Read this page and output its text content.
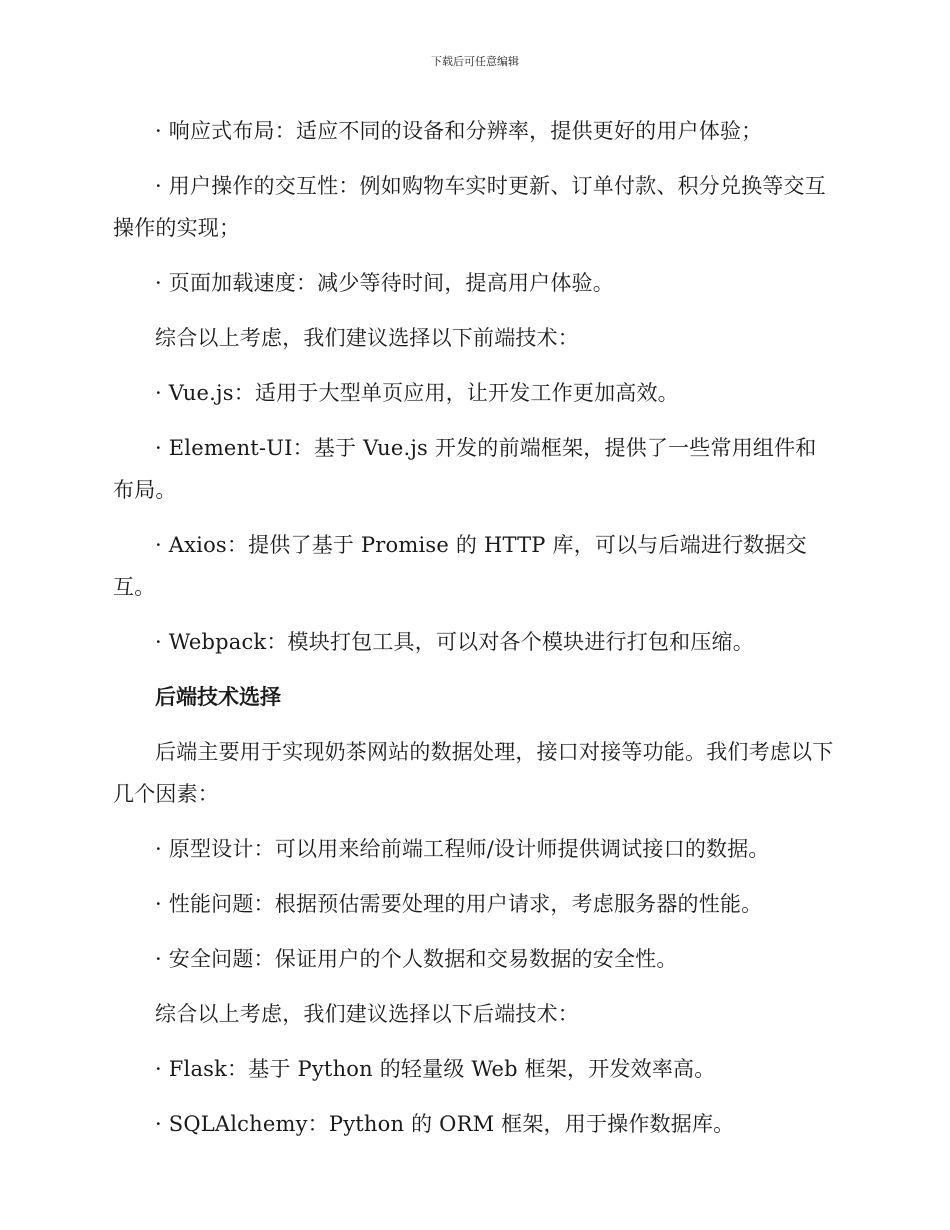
下载后可任意编辑

· 响应式布局：适应不同的设备和分辨率，提供更好的用户体验；

· 用户操作的交互性：例如购物车实时更新、订单付款、积分兑换等交互操作的实现；

· 页面加载速度：减少等待时间，提高用户体验。

综合以上考虑，我们建议选择以下前端技术：

· Vue.js：适用于大型单页应用，让开发工作更加高效。

· Element-UI：基于 Vue.js 开发的前端框架，提供了一些常用组件和布局。

· Axios：提供了基于 Promise 的 HTTP 库，可以与后端进行数据交互。

· Webpack：模块打包工具，可以对各个模块进行打包和压缩。

后端技术选择

后端主要用于实现奶茶网站的数据处理，接口对接等功能。我们考虑以下几个因素：

· 原型设计：可以用来给前端工程师/设计师提供调试接口的数据。

· 性能问题：根据预估需要处理的用户请求，考虑服务器的性能。

· 安全问题：保证用户的个人数据和交易数据的安全性。

综合以上考虑，我们建议选择以下后端技术：

· Flask：基于 Python 的轻量级 Web 框架，开发效率高。

· SQLAlchemy：Python 的 ORM 框架，用于操作数据库。
